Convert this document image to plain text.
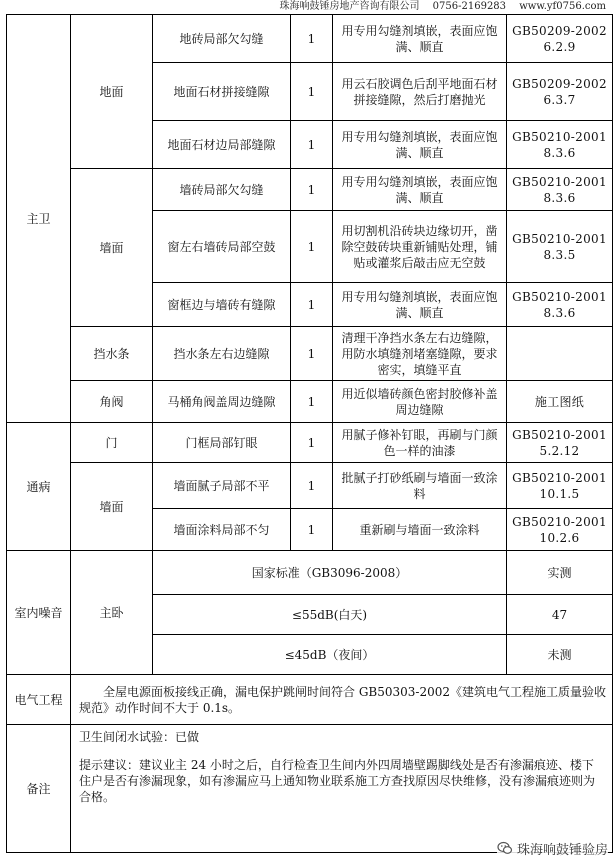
珠海响鼓锤房地产咨询有限公司 0756-2169283 www.yf0756.com
主卫	地面	地砖局部欠勾缝	1	用专用勾缝剂填嵌，表面应饱满、顺直	GB50209-2002 6.2.9
		地面石材拼接缝隙	1	用云石胶调色后刮平地面石材拼接缝隙，然后打磨抛光	GB50209-2002 6.3.7
		地面石材边局部缝隙	1	用专用勾缝剂填嵌，表面应饱满、顺直	GB50210-2001 8.3.6
	墙面	墙砖局部欠勾缝	1	用专用勾缝剂填嵌，表面应饱满、顺直	GB50210-2001 8.3.6
		窗左右墙砖局部空鼓	1	用切割机沿砖块边缘切开，凿除空鼓砖块重新铺贴处理，铺贴或灌浆后敲击应无空鼓	GB50210-2001 8.3.5
		窗框边与墙砖有缝隙	1	用专用勾缝剂填嵌，表面应饱满、顺直	GB50210-2001 8.3.6
	挡水条	挡水条左右边缝隙	1	清理干净挡水条左右边缝隙，用防水填缝剂堵塞缝隙，要求密实，填缝平直	
	角阀	马桶角阀盖周边缝隙	1	用近似墙砖颜色密封胶修补盖周边缝隙	施工图纸
通病	门	门框局部钉眼	1	用腻子修补钉眼，再刷与门颜色一样的油漆	GB50210-2001 5.2.12
	墙面	墙面腻子局部不平	1	批腻子打砂纸刷与墙面一致涂料	GB50210-2001 10.1.5
		墙面涂料局部不匀	1	重新刷与墙面一致涂料	GB50210-2001 10.2.6
室内噪音	主卧	国家标准（GB3096-2008）			实测
		≤55dB(白天)			47
		≤45dB（夜间）			未测
电气工程	全屋电源面板接线正确，漏电保护跳闸时间符合 GB50303-2002《建筑电气工程施工质量验收规范》动作时间不大于 0.1s。				
备注	卫生间闭水试验：已做
提示建议：建议业主 24 小时之后，自行检查卫生间内外四周墙壁踢脚线处是否有渗漏痕迹、楼下住户是否有渗漏现象，如有渗漏应马上通知物业联系施工方查找原因尽快维修，没有渗漏痕迹则为合格。				
珠海响鼓锤验房
